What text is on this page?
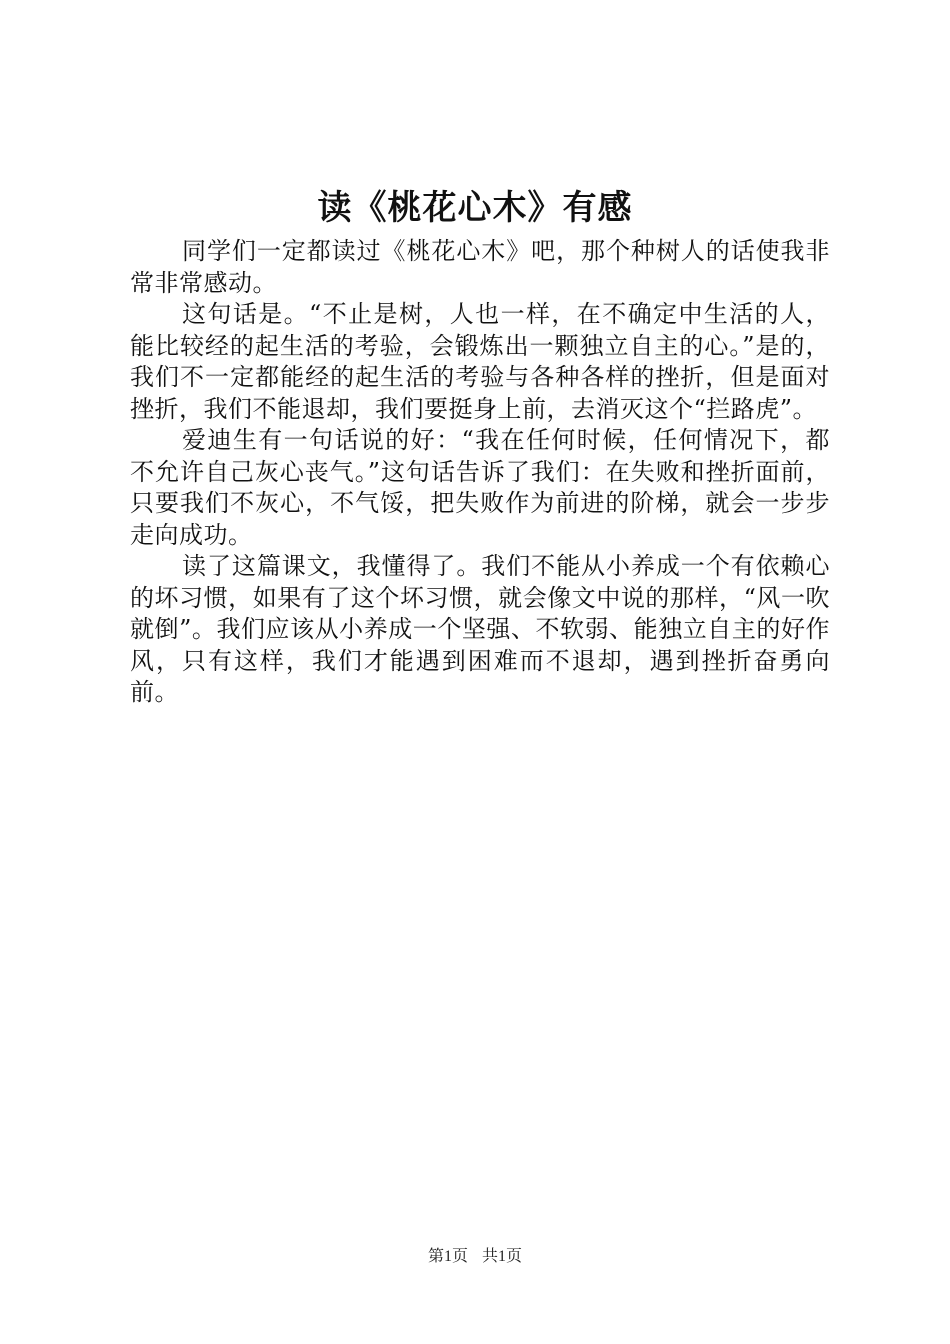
读《桃花心木》有感

同学们一定都读过《桃花心木》吧，那个种树人的话使我非常非常感动。

这句话是。“不止是树，人也一样，在不确定中生活的人，能比较经的起生活的考验，会锻炼出一颗独立自主的心。”是的，我们不一定都能经的起生活的考验与各种各样的挫折，但是面对挫折，我们不能退却，我们要挺身上前，去消灭这个“拦路虎”。

爱迪生有一句话说的好：“我在任何时候，任何情况下，都不允许自己灰心丧气。”这句话告诉了我们：在失败和挫折面前，只要我们不灰心，不气馁，把失败作为前进的阶梯，就会一步步走向成功。

读了这篇课文，我懂得了。我们不能从小养成一个有依赖心的坏习惯，如果有了这个坏习惯，就会像文中说的那样，“风一吹就倒”。我们应该从小养成一个坚强、不软弱、能独立自主的好作风，只有这样，我们才能遇到困难而不退却，遇到挫折奋勇向前。

第1页 共1页
